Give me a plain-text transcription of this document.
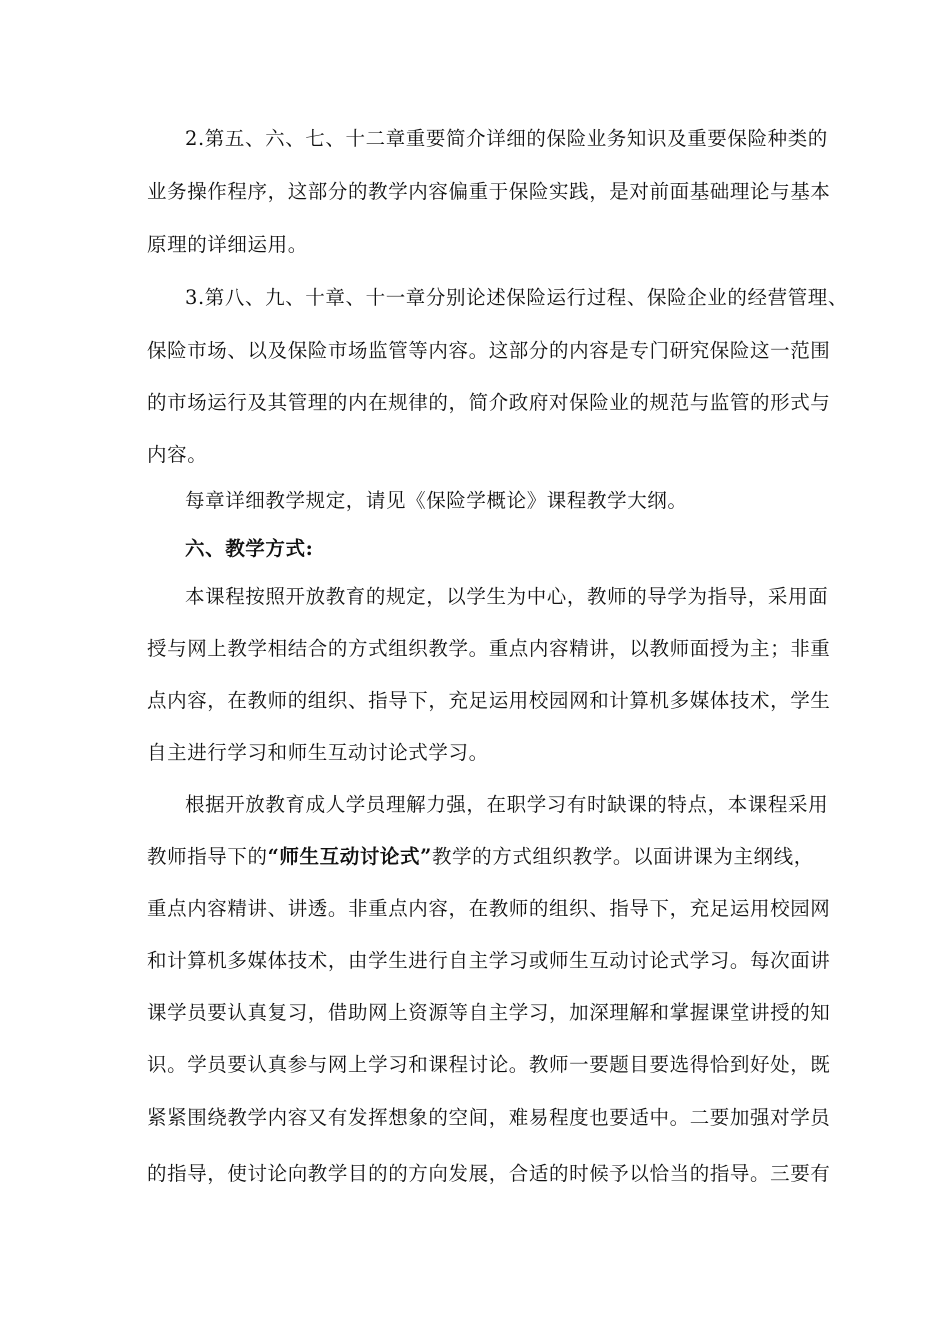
2.第五、六、七、十二章重要简介详细的保险业务知识及重要保险种类的
业务操作程序，这部分的教学内容偏重于保险实践，是对前面基础理论与基本
原理的详细运用。
3.第八、九、十章、十一章分别论述保险运行过程、保险企业的经营管理、
保险市场、以及保险市场监管等内容。这部分的内容是专门研究保险这一范围
的市场运行及其管理的内在规律的，简介政府对保险业的规范与监管的形式与
内容。
每章详细教学规定，请见《保险学概论》课程教学大纲。
六、教学方式:
本课程按照开放教育的规定，以学生为中心，教师的导学为指导，采用面
授与网上教学相结合的方式组织教学。重点内容精讲，以教师面授为主；非重
点内容，在教师的组织、指导下，充足运用校园网和计算机多媒体技术，学生
自主进行学习和师生互动讨论式学习。
根据开放教育成人学员理解力强，在职学习有时缺课的特点，本课程采用
教师指导下的“师生互动讨论式”教学的方式组织教学。以面讲课为主纲线，
重点内容精讲、讲透。非重点内容，在教师的组织、指导下，充足运用校园网
和计算机多媒体技术，由学生进行自主学习或师生互动讨论式学习。每次面讲
课学员要认真复习，借助网上资源等自主学习，加深理解和掌握课堂讲授的知
识。学员要认真参与网上学习和课程讨论。教师一要题目要选得恰到好处，既
紧紧围绕教学内容又有发挥想象的空间，难易程度也要适中。二要加强对学员
的指导，使讨论向教学目的的方向发展，合适的时候予以恰当的指导。三要有
